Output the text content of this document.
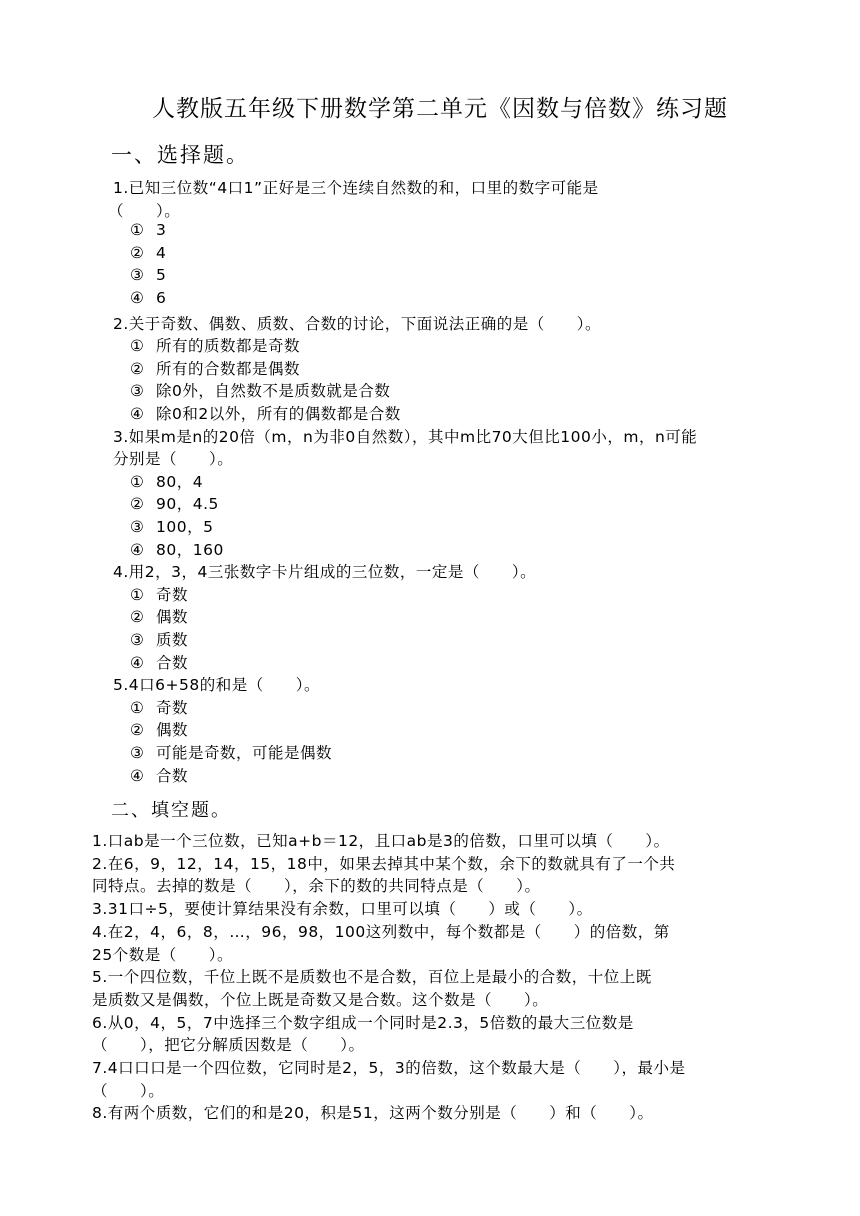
人教版五年级下册数学第二单元《因数与倍数》练习题
一、选择题。
1.已知三位数“4口1”正好是三个连续自然数的和，口里的数字可能是
（　　）。
① 3
② 4
③ 5
④ 6
2.关于奇数、偶数、质数、合数的讨论，下面说法正确的是（　　）。
① 所有的质数都是奇数
② 所有的合数都是偶数
③ 除0外，自然数不是质数就是合数
④ 除0和2以外，所有的偶数都是合数
3.如果m是n的20倍（m，n为非0自然数），其中m比70大但比100小，m，n可能
分别是（　　）。
① 80，4
② 90，4.5
③ 100，5
④ 80，160
4.用2，3，4三张数字卡片组成的三位数，一定是（　　）。
① 奇数
② 偶数
③ 质数
④ 合数
5.4口6+58的和是（　　）。
① 奇数
② 偶数
③ 可能是奇数，可能是偶数
④ 合数
二、填空题。
1.口ab是一个三位数，已知a+b＝12，且口ab是3的倍数，口里可以填（　　）。
2.在6，9，12，14，15，18中，如果去掉其中某个数，余下的数就具有了一个共
同特点。去掉的数是（　　），余下的数的共同特点是（　　）。
3.31口÷5，要使计算结果没有余数，口里可以填（　　）或（　　）。
4.在2，4，6，8，…，96，98，100这列数中，每个数都是（　　）的倍数，第
25个数是（　　）。
5.一个四位数，千位上既不是质数也不是合数，百位上是最小的合数，十位上既
是质数又是偶数，个位上既是奇数又是合数。这个数是（　　）。
6.从0，4，5，7中选择三个数字组成一个同时是2.3，5倍数的最大三位数是
（　　），把它分解质因数是（　　）。
7.4口口口是一个四位数，它同时是2，5，3的倍数，这个数最大是（　　），最小是
（　　）。
8.有两个质数，它们的和是20，积是51，这两个数分别是（　　）和（　　）。
